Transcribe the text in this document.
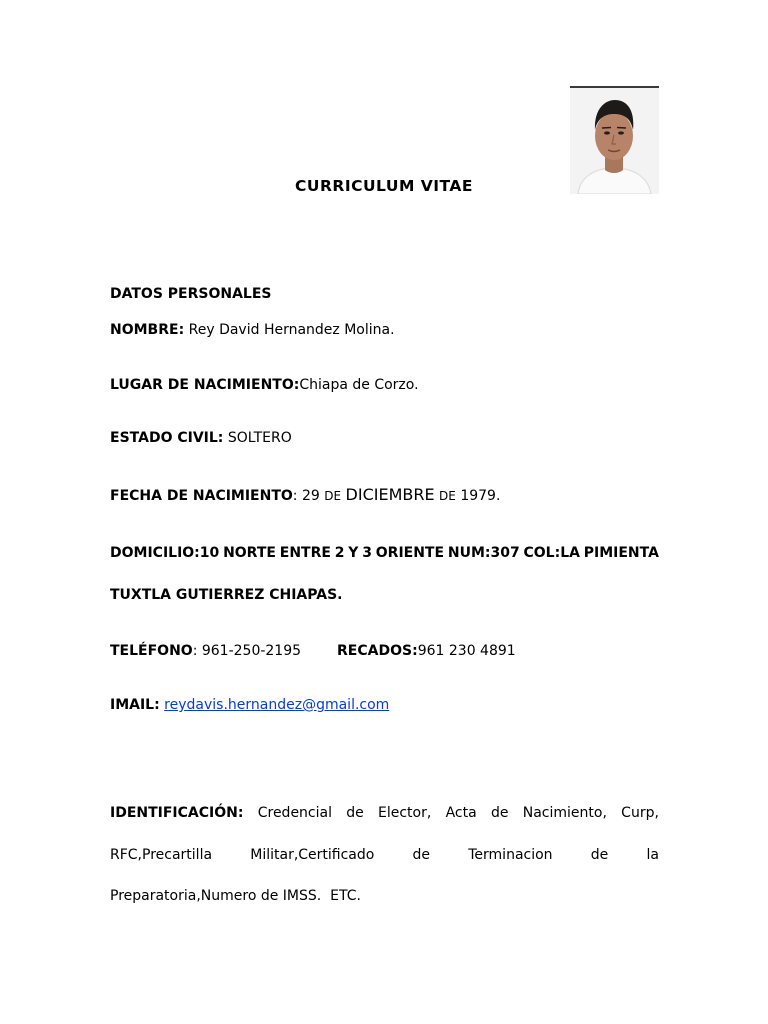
CURRICULUM VITAE
DATOS PERSONALES
NOMBRE: Rey David Hernandez Molina.
LUGAR DE NACIMIENTO:Chiapa de Corzo.
ESTADO CIVIL: SOLTERO
FECHA DE NACIMIENTO: 29 DE DICIEMBRE DE 1979.
DOMICILIO:10 NORTE ENTRE 2 Y 3 ORIENTE NUM:307 COL:LA PIMIENTA
TUXTLA GUTIERREZ CHIAPAS.
TELÉFONO: 961-250-2195	RECADOS:961 230 4891
IMAIL: reydavis.hernandez@gmail.com
IDENTIFICACIÓN: Credencial de Elector, Acta de Nacimiento, Curp,
RFC,Precartilla	Militar,Certificado	de	Terminacion	de	la
Preparatoria,Numero de IMSS.  ETC.
